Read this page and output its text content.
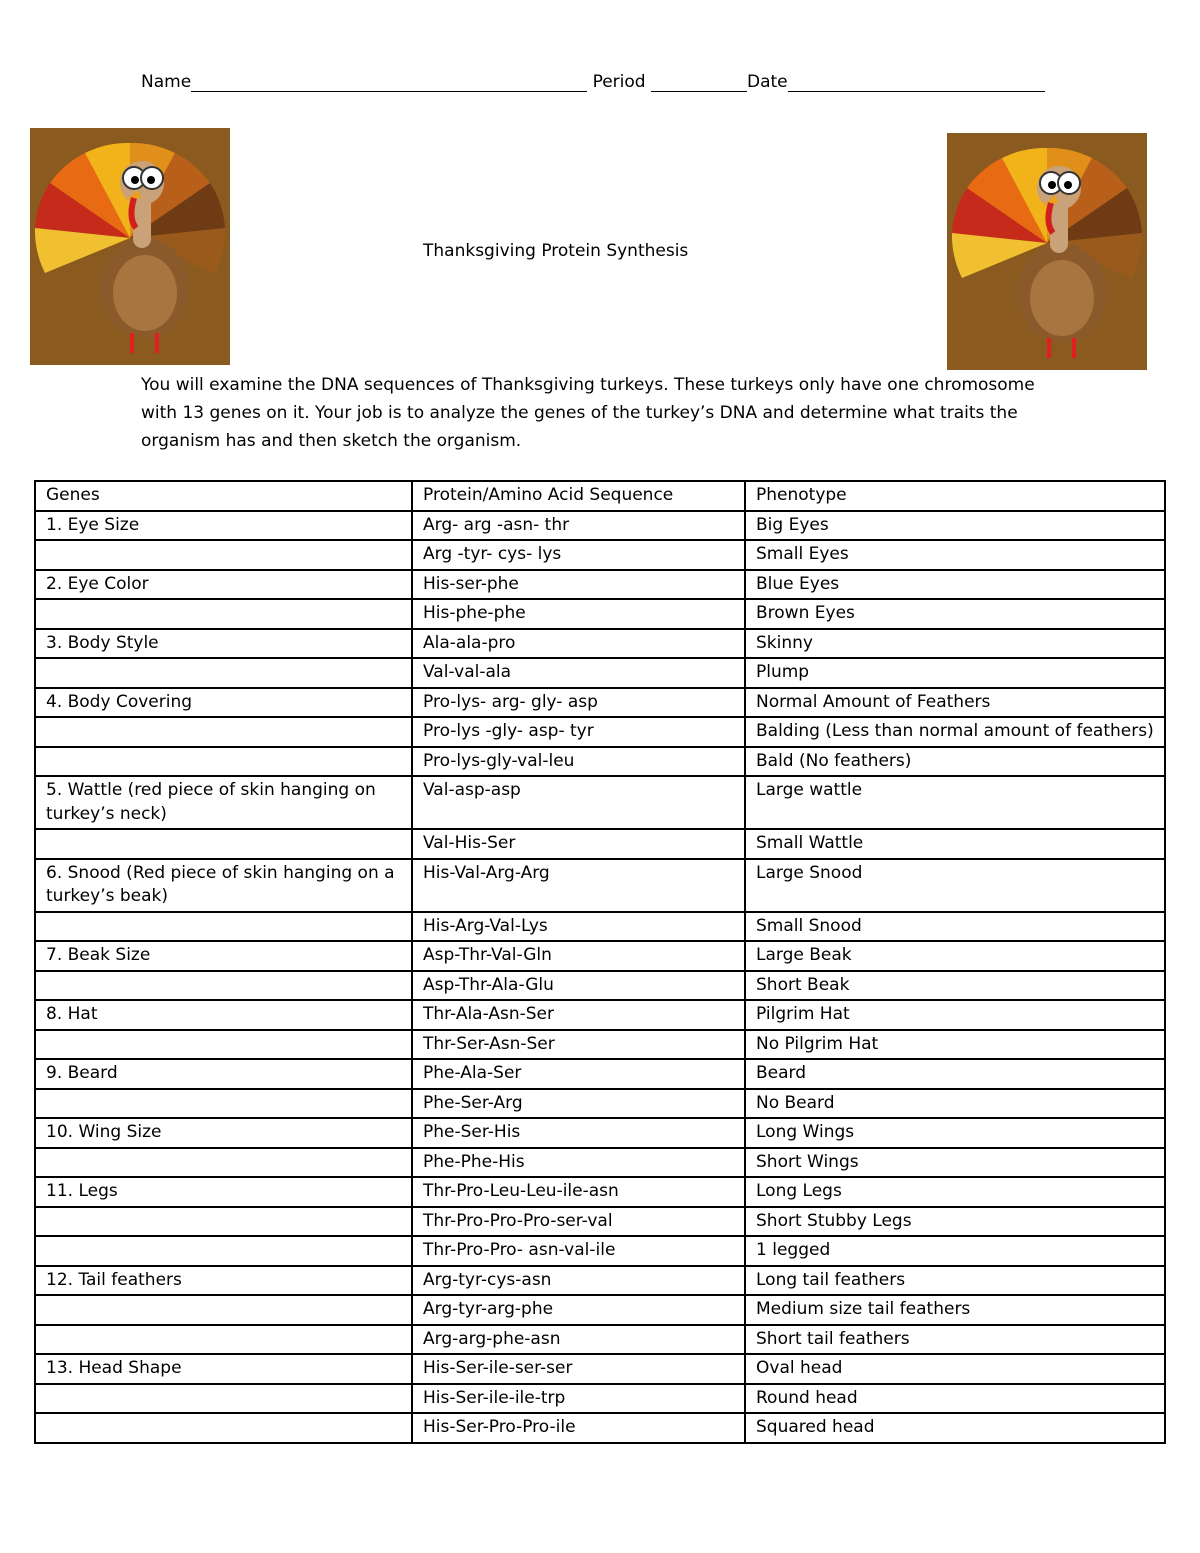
Name	Period	Date
Thanksgiving Protein Synthesis
You will examine the DNA sequences of Thanksgiving turkeys. These turkeys only have one chromosome with 13 genes on it. Your job is to analyze the genes of the turkey’s DNA and determine what traits the organism has and then sketch the organism.
Genes	Protein/Amino Acid Sequence	Phenotype
1. Eye Size	Arg- arg -asn- thr	Big Eyes
	Arg -tyr- cys- lys	Small Eyes
2. Eye Color	His-ser-phe	Blue Eyes
	His-phe-phe	Brown Eyes
3. Body Style	Ala-ala-pro	Skinny
	Val-val-ala	Plump
4. Body Covering	Pro-lys- arg- gly- asp	Normal Amount of Feathers
	Pro-lys -gly- asp- tyr	Balding (Less than normal amount of feathers)
	Pro-lys-gly-val-leu	Bald (No feathers)
5. Wattle (red piece of skin hanging on turkey’s neck)	Val-asp-asp	Large wattle
	Val-His-Ser	Small Wattle
6. Snood (Red piece of skin hanging on a turkey’s beak)	His-Val-Arg-Arg	Large Snood
	His-Arg-Val-Lys	Small Snood
7. Beak Size	Asp-Thr-Val-Gln	Large Beak
	Asp-Thr-Ala-Glu	Short Beak
8. Hat	Thr-Ala-Asn-Ser	Pilgrim Hat
	Thr-Ser-Asn-Ser	No Pilgrim Hat
9. Beard	Phe-Ala-Ser	Beard
	Phe-Ser-Arg	No Beard
10. Wing Size	Phe-Ser-His	Long Wings
	Phe-Phe-His	Short Wings
11. Legs	Thr-Pro-Leu-Leu-ile-asn	Long Legs
	Thr-Pro-Pro-Pro-ser-val	Short Stubby Legs
	Thr-Pro-Pro- asn-val-ile	1 legged
12. Tail feathers	Arg-tyr-cys-asn	Long tail feathers
	Arg-tyr-arg-phe	Medium size tail feathers
	Arg-arg-phe-asn	Short tail feathers
13. Head Shape	His-Ser-ile-ser-ser	Oval head
	His-Ser-ile-ile-trp	Round head
	His-Ser-Pro-Pro-ile	Squared head
